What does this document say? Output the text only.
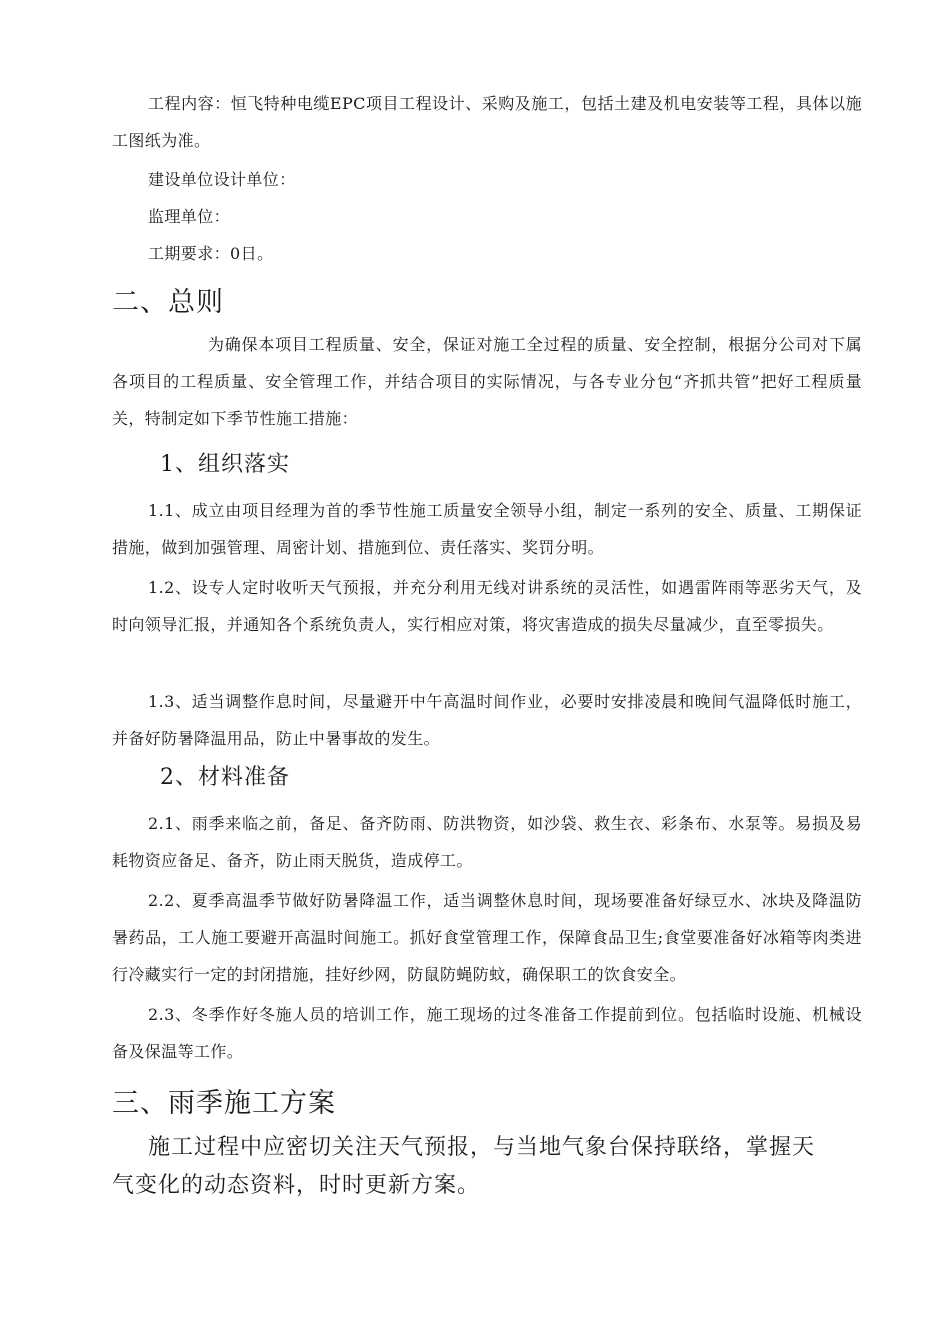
工程内容：恒飞特种电缆EPC项目工程设计、采购及施工，包括土建及机电安装等工程，具体以施工图纸为准。
建设单位设计单位：
监理单位：
工期要求：0日。
二、总则
为确保本项目工程质量、安全，保证对施工全过程的质量、安全控制，根据分公司对下属各项目的工程质量、安全管理工作，并结合项目的实际情况，与各专业分包“齐抓共管”把好工程质量关，特制定如下季节性施工措施：
1、组织落实
1.1、成立由项目经理为首的季节性施工质量安全领导小组，制定一系列的安全、质量、工期保证措施，做到加强管理、周密计划、措施到位、责任落实、奖罚分明。
1.2、设专人定时收听天气预报，并充分利用无线对讲系统的灵活性，如遇雷阵雨等恶劣天气，及时向领导汇报，并通知各个系统负责人，实行相应对策，将灾害造成的损失尽量减少，直至零损失。
1.3、适当调整作息时间，尽量避开中午高温时间作业，必要时安排凌晨和晚间气温降低时施工，并备好防暑降温用品，防止中暑事故的发生。
2、材料准备
2.1、雨季来临之前，备足、备齐防雨、防洪物资，如沙袋、救生衣、彩条布、水泵等。易损及易耗物资应备足、备齐，防止雨天脱货，造成停工。
2.2、夏季高温季节做好防暑降温工作，适当调整休息时间，现场要准备好绿豆水、冰块及降温防暑药品，工人施工要避开高温时间施工。抓好食堂管理工作，保障食品卫生;食堂要准备好冰箱等肉类进行冷藏实行一定的封闭措施，挂好纱网，防鼠防蝇防蚊，确保职工的饮食安全。
2.3、冬季作好冬施人员的培训工作，施工现场的过冬准备工作提前到位。包括临时设施、机械设备及保温等工作。
三、雨季施工方案
施工过程中应密切关注天气预报，与当地气象台保持联络，掌握天气变化的动态资料，时时更新方案。
